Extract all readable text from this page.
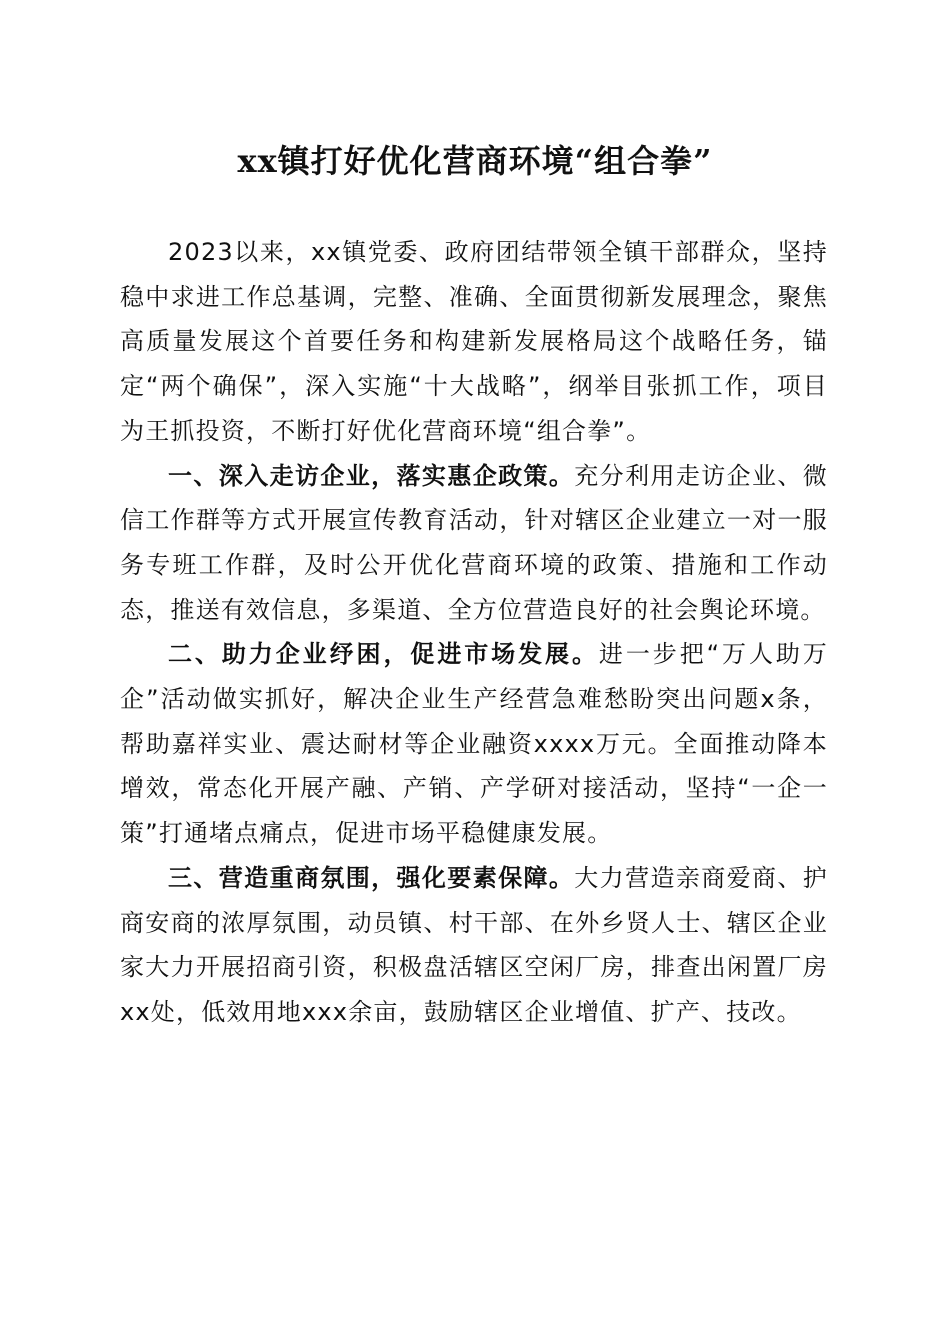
xx镇打好优化营商环境“组合拳”

2023以来，xx镇党委、政府团结带领全镇干部群众，坚持稳中求进工作总基调，完整、准确、全面贯彻新发展理念，聚焦高质量发展这个首要任务和构建新发展格局这个战略任务，锚定“两个确保”，深入实施“十大战略”，纲举目张抓工作，项目为王抓投资，不断打好优化营商环境“组合拳”。

一、深入走访企业，落实惠企政策。充分利用走访企业、微信工作群等方式开展宣传教育活动，针对辖区企业建立一对一服务专班工作群，及时公开优化营商环境的政策、措施和工作动态，推送有效信息，多渠道、全方位营造良好的社会舆论环境。

二、助力企业纾困，促进市场发展。进一步把“万人助万企”活动做实抓好，解决企业生产经营急难愁盼突出问题x条，帮助嘉祥实业、震达耐材等企业融资xxxx万元。全面推动降本增效，常态化开展产融、产销、产学研对接活动，坚持“一企一策”打通堵点痛点，促进市场平稳健康发展。

三、营造重商氛围，强化要素保障。大力营造亲商爱商、护商安商的浓厚氛围，动员镇、村干部、在外乡贤人士、辖区企业家大力开展招商引资，积极盘活辖区空闲厂房，排查出闲置厂房xx处，低效用地xxx余亩，鼓励辖区企业增值、扩产、技改。
